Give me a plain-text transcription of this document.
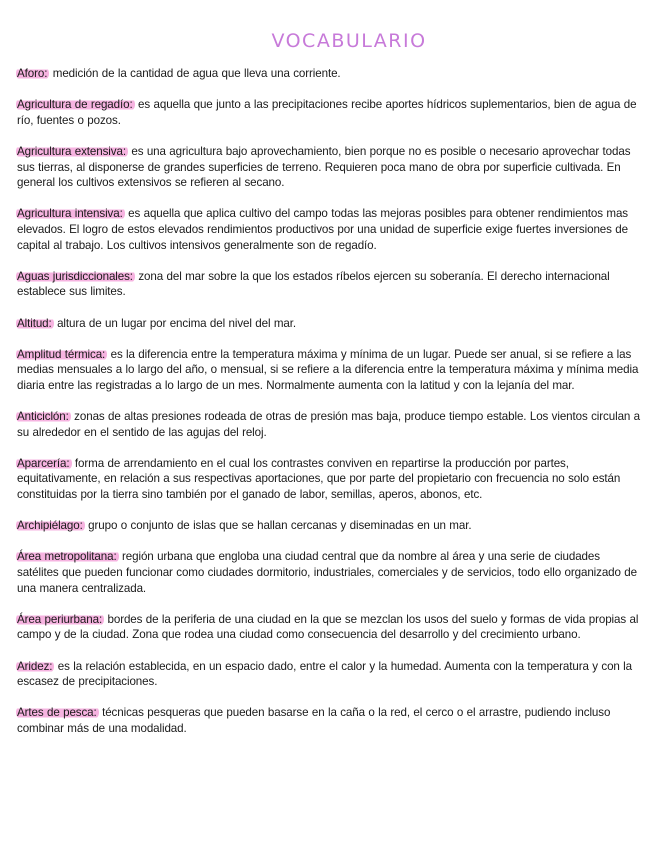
VOCABULARIO

Aforo: medición de la cantidad de agua que lleva una corriente.

Agricultura de regadío: es aquella que junto a las precipitaciones recibe aportes hídricos suplementarios, bien de agua de río, fuentes o pozos.

Agricultura extensiva: es una agricultura bajo aprovechamiento, bien porque no es posible o necesario aprovechar todas sus tierras, al disponerse de grandes superficies de terreno. Requieren poca mano de obra por superficie cultivada. En general los cultivos extensivos se refieren al secano.

Agricultura intensiva: es aquella que aplica cultivo del campo todas las mejoras posibles para obtener rendimientos mas elevados. El logro de estos elevados rendimientos productivos por una unidad de superficie exige fuertes inversiones de capital al trabajo. Los cultivos intensivos generalmente son de regadío.

Aguas jurisdiccionales: zona del mar sobre la que los estados ríbelos ejercen su soberanía. El derecho internacional establece sus limites.

Altitud: altura de un lugar por encima del nivel del mar.

Amplitud térmica: es la diferencia entre la temperatura máxima y mínima de un lugar. Puede ser anual, si se refiere a las medias mensuales a lo largo del año, o mensual, si se refiere a la diferencia entre la temperatura máxima y mínima media diaria entre las registradas a lo largo de un mes. Normalmente aumenta con la latitud y con la lejanía del mar.

Anticiclón: zonas de altas presiones rodeada de otras de presión mas baja, produce tiempo estable. Los vientos circulan a su alrededor en el sentido de las agujas del reloj.

Aparcería: forma de arrendamiento en el cual los contrastes conviven en repartirse la producción por partes, equitativamente, en relación a sus respectivas aportaciones, que por parte del propietario con frecuencia no solo están constituidas por la tierra sino también por el ganado de labor, semillas, aperos, abonos, etc.

Archipiélago: grupo o conjunto de islas que se hallan cercanas y diseminadas en un mar.

Área metropolitana: región urbana que engloba una ciudad central que da nombre al área y una serie de ciudades satélites que pueden funcionar como ciudades dormitorio, industriales, comerciales y de servicios, todo ello organizado de una manera centralizada.

Área periurbana: bordes de la periferia de una ciudad en la que se mezclan los usos del suelo y formas de vida propias al campo y de la ciudad. Zona que rodea una ciudad como consecuencia del desarrollo y del crecimiento urbano.

Aridez: es la relación establecida, en un espacio dado, entre el calor y la humedad. Aumenta con la temperatura y con la escasez de precipitaciones.

Artes de pesca: técnicas pesqueras que pueden basarse en la caña o la red, el cerco o el arrastre, pudiendo incluso combinar más de una modalidad.
